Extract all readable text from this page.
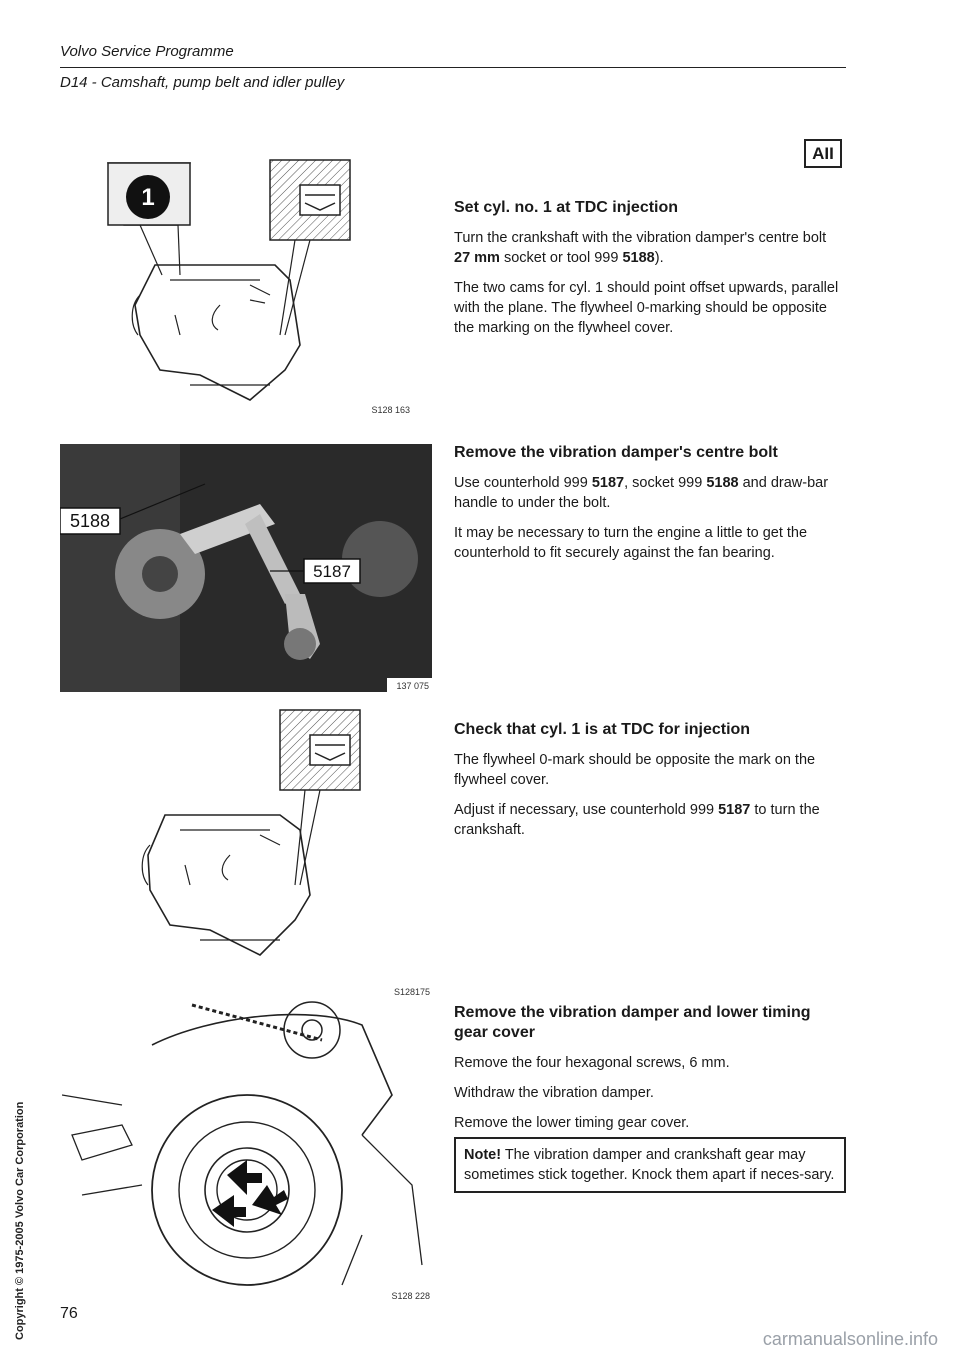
Volvo Service Programme
D14 - Camshaft, pump belt and idler pulley
AII
1
S128 163
5188
5187
137 075
S128175
S128 228
Set cyl. no. 1 at TDC injection

Turn the crankshaft with the vibration damper's centre bolt 27 mm socket or tool 999 5188).

The two cams for cyl. 1 should point offset upwards, parallel with the plane. The flywheel 0-marking should be opposite the marking on the flywheel cover.

Remove the vibration damper's centre bolt

Use counterhold 999 5187, socket 999 5188 and draw-bar handle to under the bolt.

It may be necessary to turn the engine a little to get the counterhold to fit securely against the fan bearing.

Check that cyl. 1 is at TDC for injection

The flywheel 0-mark should be opposite the mark on the flywheel cover.

Adjust if necessary, use counterhold 999 5187 to turn the crankshaft.

Remove the vibration damper and lower timing gear cover

Remove the four hexagonal screws, 6 mm.

Withdraw the vibration damper.

Remove the lower timing gear cover.

Note! The vibration damper and crankshaft gear may sometimes stick together. Knock them apart if neces-sary.
76
Copyright © 1975-2005 Volvo Car Corporation	carmanualsonline.info
